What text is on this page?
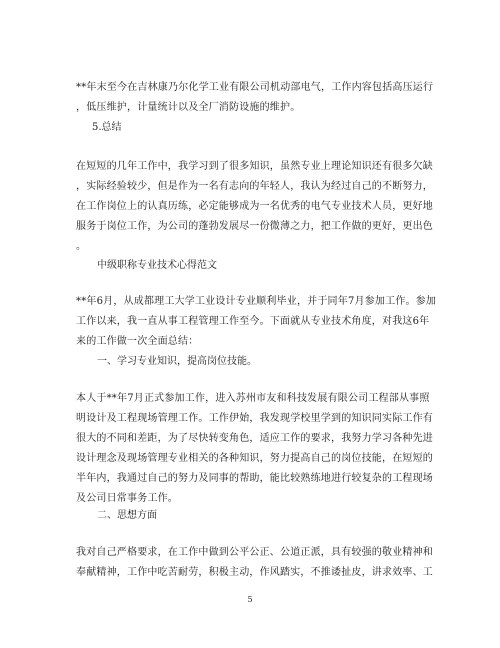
**年末至今在吉林康乃尔化学工业有限公司机动部电气，工作内容包括高压运行
，低压维护，计量统计以及全厂消防设施的维护。
5.总结
在短短的几年工作中，我学习到了很多知识，虽然专业上理论知识还有很多欠缺
，实际经验较少，但是作为一名有志向的年轻人，我认为经过自己的不断努力，
在工作岗位上的认真历练，必定能够成为一名优秀的电气专业技术人员，更好地
服务于岗位工作，为公司的蓬勃发展尽一份微薄之力，把工作做的更好，更出色
。
中级职称专业技术心得范文
**年6月，从成都理工大学工业设计专业顺利毕业，并于同年7月参加工作。参加
工作以来，我一直从事工程管理工作至今。下面就从专业技术角度，对我这6年
来的工作做一次全面总结：
一、学习专业知识，提高岗位技能。
本人于**年7月正式参加工作，进入苏州市友和科技发展有限公司工程部从事照
明设计及工程现场管理工作。工作伊始，我发现学校里学到的知识同实际工作有
很大的不同和差距，为了尽快转变角色，适应工作的要求，我努力学习各种先进
设计理念及现场管理专业相关的各种知识，努力提高自己的岗位技能，在短短的
半年内，我通过自己的努力及同事的帮助，能比较熟练地进行较复杂的工程现场
及公司日常事务工作。
二、思想方面
我对自己严格要求，在工作中做到公平公正、公道正派，具有较强的敬业精神和
奉献精神，工作中吃苦耐劳，积极主动，作风踏实，不推诿扯皮，讲求效率、工
5
